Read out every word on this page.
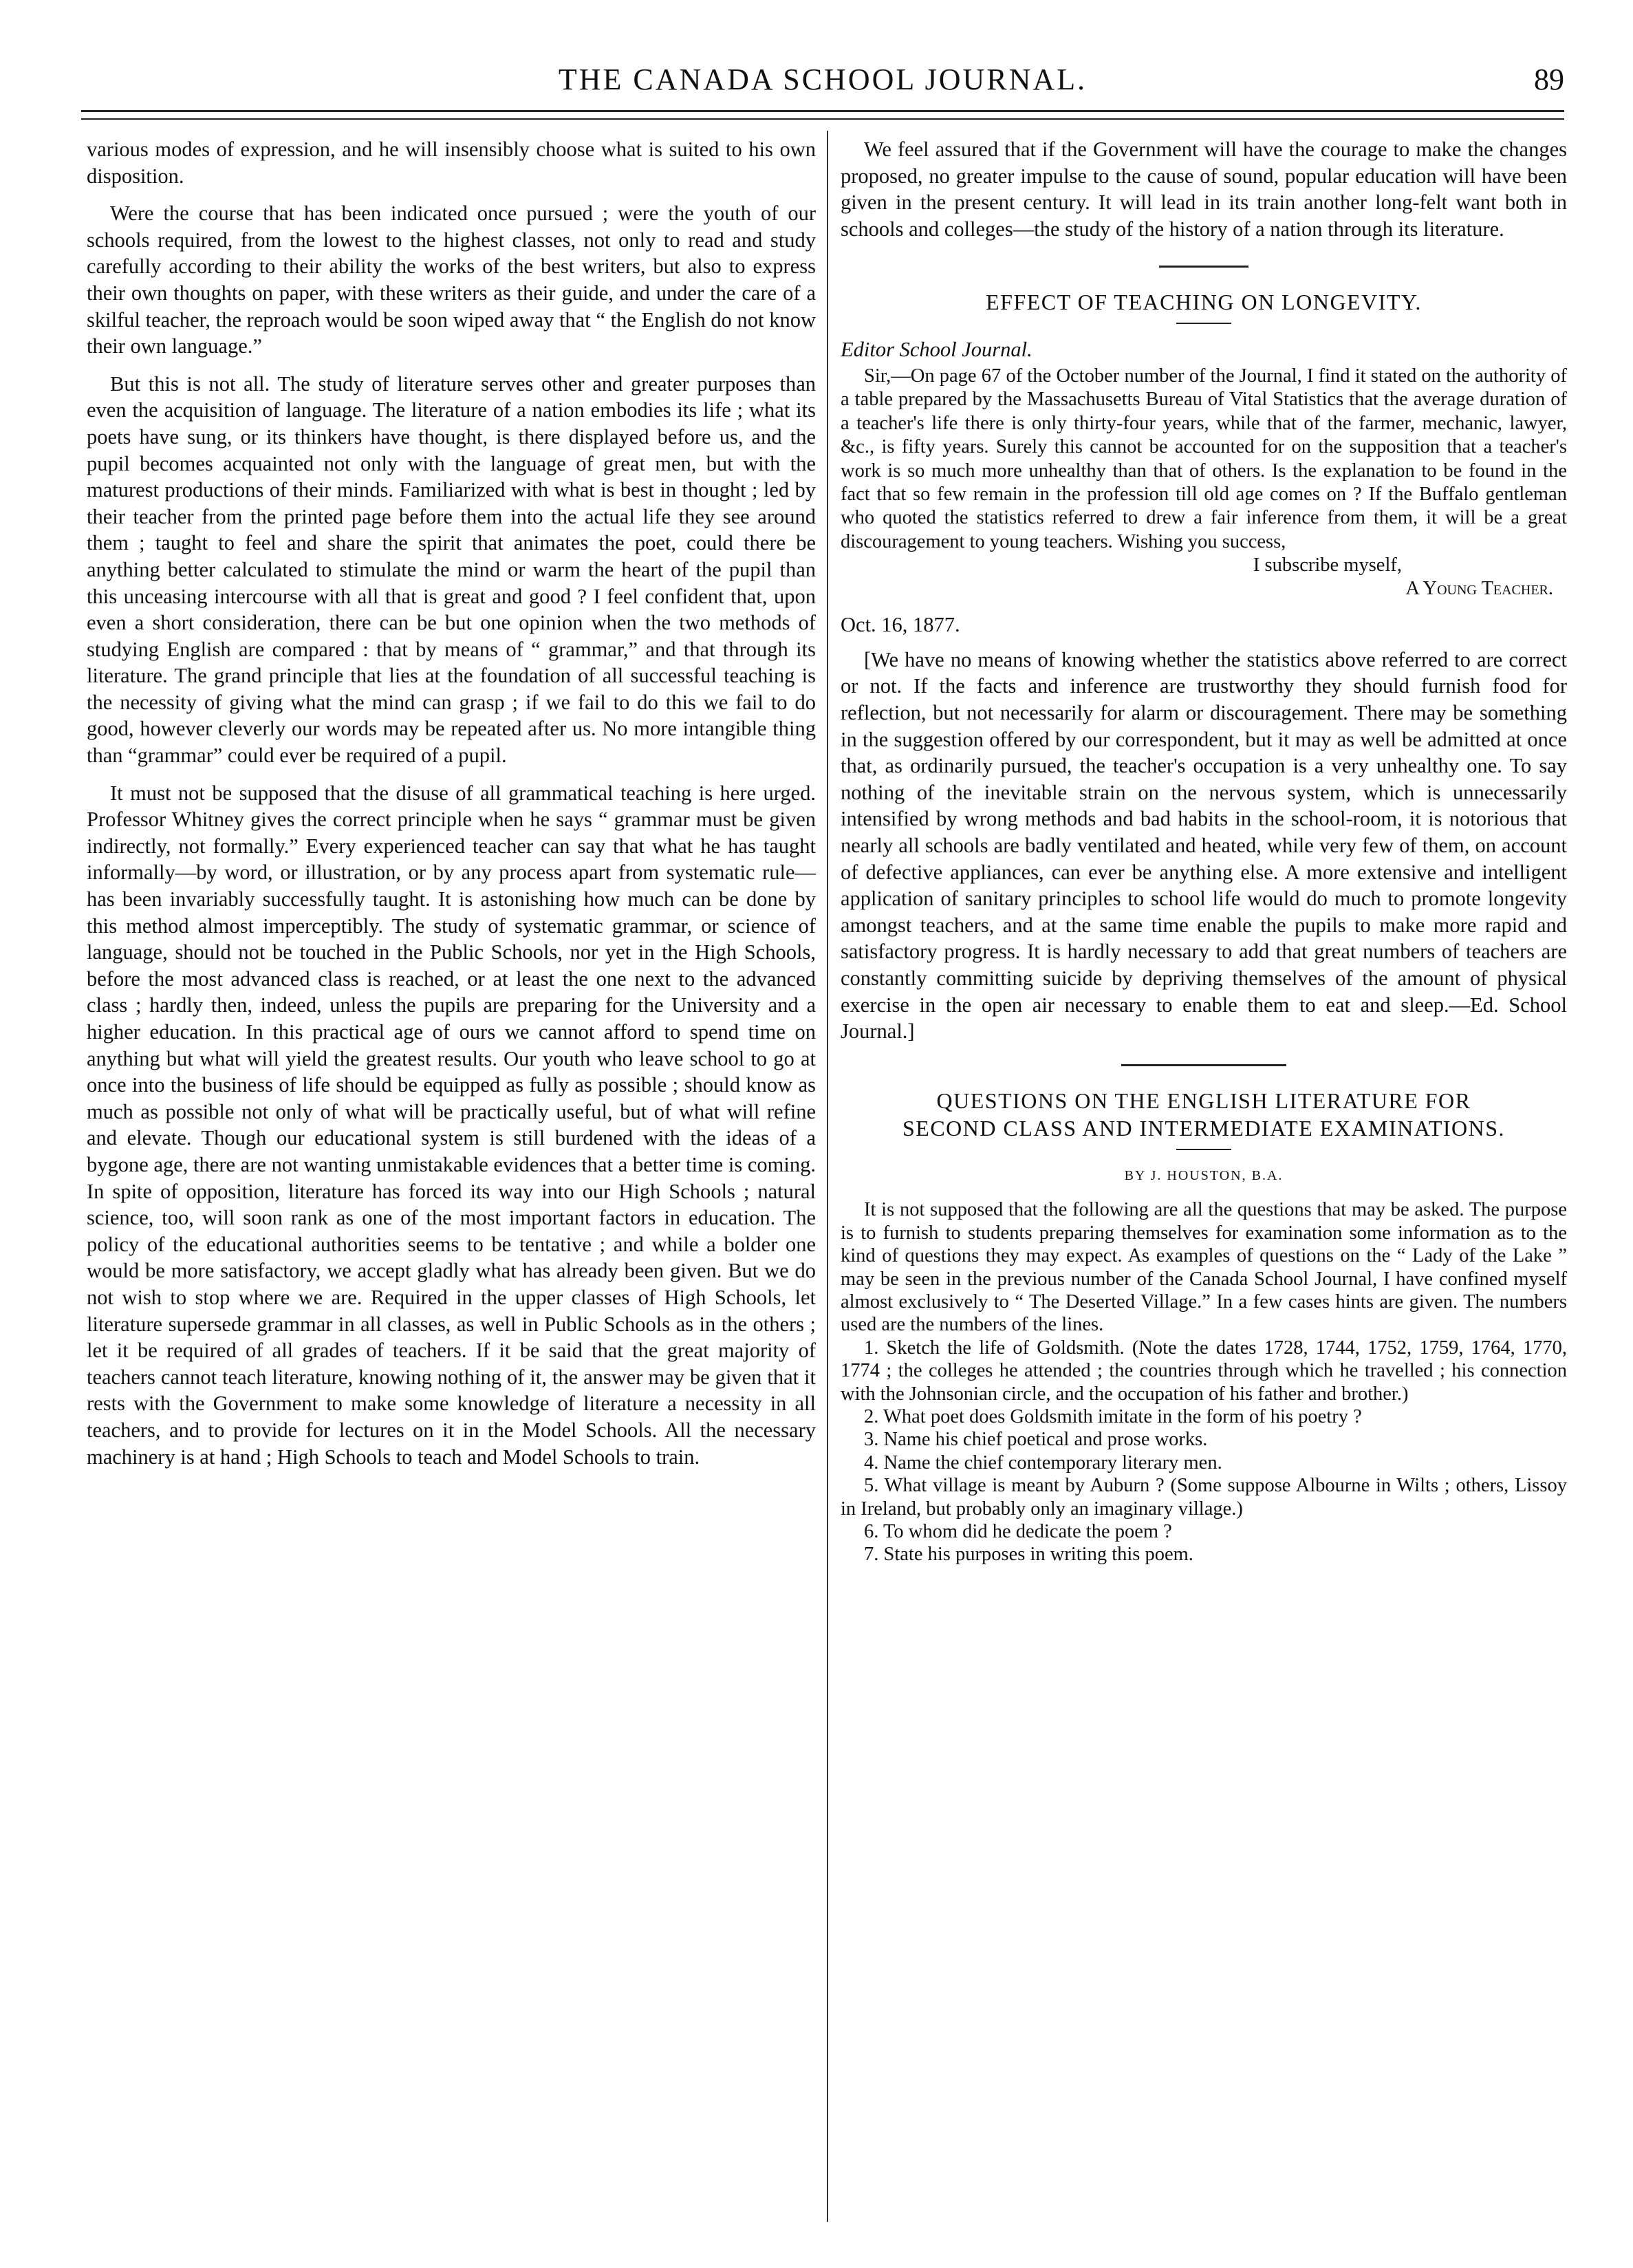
THE CANADA SCHOOL JOURNAL.	89

various modes of expression, and he will insensibly choose what is suited to his own disposition.

Were the course that has been indicated once pursued ; were the youth of our schools required, from the lowest to the highest classes, not only to read and study carefully according to their ability the works of the best writers, but also to express their own thoughts on paper, with these writers as their guide, and under the care of a skilful teacher, the reproach would be soon wiped away that “ the English do not know their own language.”

But this is not all. The study of literature serves other and greater purposes than even the acquisition of language. The literature of a nation embodies its life ; what its poets have sung, or its thinkers have thought, is there displayed before us, and the pupil becomes acquainted not only with the language of great men, but with the maturest productions of their minds. Familiarized with what is best in thought ; led by their teacher from the printed page before them into the actual life they see around them ; taught to feel and share the spirit that animates the poet, could there be anything better calculated to stimulate the mind or warm the heart of the pupil than this unceasing intercourse with all that is great and good ? I feel confident that, upon even a short consideration, there can be but one opinion when the two methods of studying English are compared : that by means of “ grammar,” and that through its literature. The grand principle that lies at the foundation of all successful teaching is the necessity of giving what the mind can grasp ; if we fail to do this we fail to do good, however cleverly our words may be repeated after us. No more intangible thing than “grammar” could ever be required of a pupil.

It must not be supposed that the disuse of all grammatical teaching is here urged. Professor Whitney gives the correct principle when he says “ grammar must be given indirectly, not formally.” Every experienced teacher can say that what he has taught informally—by word, or illustration, or by any process apart from systematic rule—has been invariably successfully taught. It is astonishing how much can be done by this method almost imperceptibly. The study of systematic grammar, or science of language, should not be touched in the Public Schools, nor yet in the High Schools, before the most advanced class is reached, or at least the one next to the advanced class ; hardly then, indeed, unless the pupils are preparing for the University and a higher education. In this practical age of ours we cannot afford to spend time on anything but what will yield the greatest results. Our youth who leave school to go at once into the business of life should be equipped as fully as possible ; should know as much as possible not only of what will be practically useful, but of what will refine and elevate. Though our educational system is still burdened with the ideas of a bygone age, there are not wanting unmistakable evidences that a better time is coming. In spite of opposition, literature has forced its way into our High Schools ; natural science, too, will soon rank as one of the most important factors in education. The policy of the educational authorities seems to be tentative ; and while a bolder one would be more satisfactory, we accept gladly what has already been given. But we do not wish to stop where we are. Required in the upper classes of High Schools, let literature supersede grammar in all classes, as well in Public Schools as in the others ; let it be required of all grades of teachers. If it be said that the great majority of teachers cannot teach literature, knowing nothing of it, the answer may be given that it rests with the Government to make some knowledge of literature a necessity in all teachers, and to provide for lectures on it in the Model Schools. All the necessary machinery is at hand ; High Schools to teach and Model Schools to train.

We feel assured that if the Government will have the courage to make the changes proposed, no greater impulse to the cause of sound, popular education will have been given in the present century. It will lead in its train another long-felt want both in schools and colleges—the study of the history of a nation through its literature.

EFFECT OF TEACHING ON LONGEVITY.
Editor School Journal.

Sir,—On page 67 of the October number of the Journal, I find it stated on the authority of a table prepared by the Massachusetts Bureau of Vital Statistics that the average duration of a teacher's life there is only thirty-four years, while that of the farmer, mechanic, lawyer, &c., is fifty years. Surely this cannot be accounted for on the supposition that a teacher's work is so much more unhealthy than that of others. Is the explanation to be found in the fact that so few remain in the profession till old age comes on ? If the Buffalo gentleman who quoted the statistics referred to drew a fair inference from them, it will be a great discouragement to young teachers. Wishing you success,

I subscribe myself,
A Young Teacher.
Oct. 16, 1877.

[We have no means of knowing whether the statistics above referred to are correct or not. If the facts and inference are trustworthy they should furnish food for reflection, but not necessarily for alarm or discouragement. There may be something in the suggestion offered by our correspondent, but it may as well be admitted at once that, as ordinarily pursued, the teacher's occupation is a very unhealthy one. To say nothing of the inevitable strain on the nervous system, which is unnecessarily intensified by wrong methods and bad habits in the school-room, it is notorious that nearly all schools are badly ventilated and heated, while very few of them, on account of defective appliances, can ever be anything else. A more extensive and intelligent application of sanitary principles to school life would do much to promote longevity amongst teachers, and at the same time enable the pupils to make more rapid and satisfactory progress. It is hardly necessary to add that great numbers of teachers are constantly committing suicide by depriving themselves of the amount of physical exercise in the open air necessary to enable them to eat and sleep.—Ed. School Journal.]

QUESTIONS ON THE ENGLISH LITERATURE FOR
SECOND CLASS AND INTERMEDIATE EXAMINATIONS.
BY J. HOUSTON, B.A.

It is not supposed that the following are all the questions that may be asked. The purpose is to furnish to students preparing themselves for examination some information as to the kind of questions they may expect. As examples of questions on the “ Lady of the Lake ” may be seen in the previous number of the Canada School Journal, I have confined myself almost exclusively to “ The Deserted Village.” In a few cases hints are given. The numbers used are the numbers of the lines.

1. Sketch the life of Goldsmith. (Note the dates 1728, 1744, 1752, 1759, 1764, 1770, 1774 ; the colleges he attended ; the countries through which he travelled ; his connection with the Johnsonian circle, and the occupation of his father and brother.)

2. What poet does Goldsmith imitate in the form of his poetry ?

3. Name his chief poetical and prose works.

4. Name the chief contemporary literary men.

5. What village is meant by Auburn ? (Some suppose Albourne in Wilts ; others, Lissoy in Ireland, but probably only an imaginary village.)

6. To whom did he dedicate the poem ?

7. State his purposes in writing this poem.
